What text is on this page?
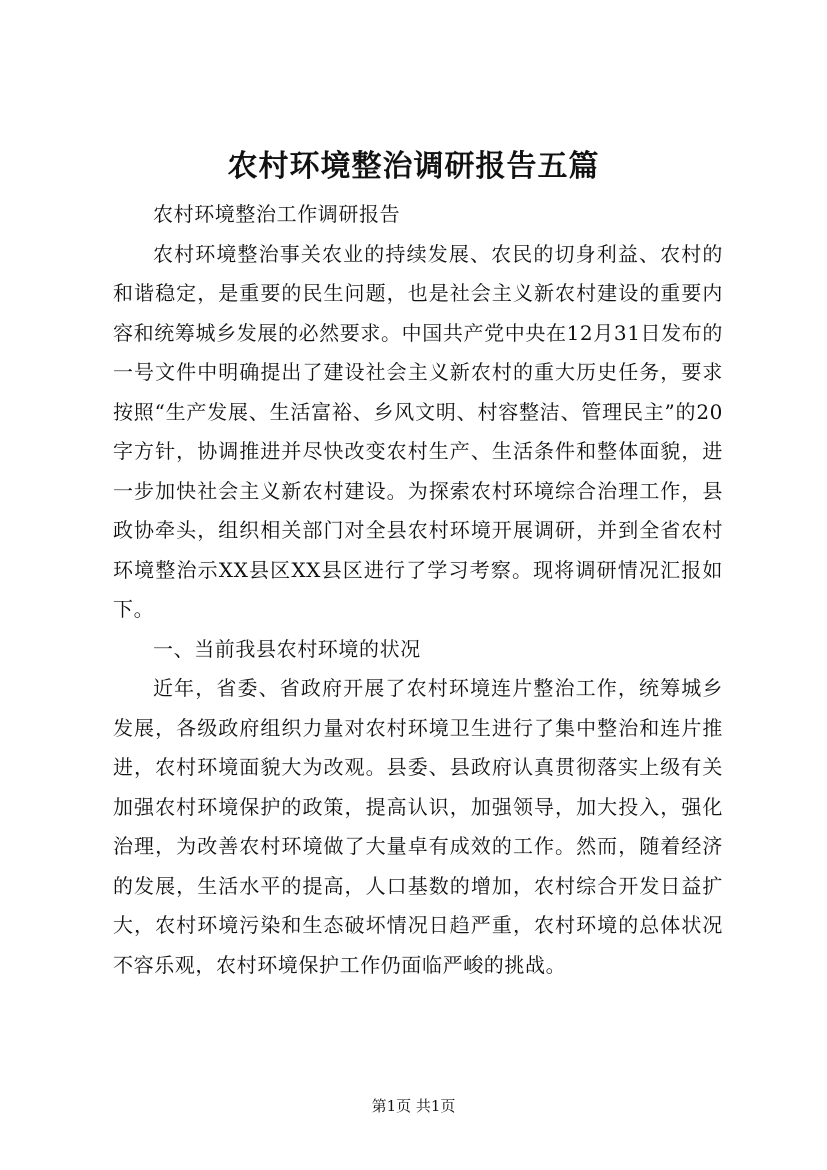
农村环境整治调研报告五篇

农村环境整治工作调研报告

农村环境整治事关农业的持续发展、农民的切身利益、农村的和谐稳定，是重要的民生问题，也是社会主义新农村建设的重要内容和统筹城乡发展的必然要求。中国共产党中央在12月31日发布的一号文件中明确提出了建设社会主义新农村的重大历史任务，要求按照“生产发展、生活富裕、乡风文明、村容整洁、管理民主”的20字方针，协调推进并尽快改变农村生产、生活条件和整体面貌，进一步加快社会主义新农村建设。为探索农村环境综合治理工作，县政协牵头，组织相关部门对全县农村环境开展调研，并到全省农村环境整治示XX县区XX县区进行了学习考察。现将调研情况汇报如下。

一、当前我县农村环境的状况

近年，省委、省政府开展了农村环境连片整治工作，统筹城乡发展，各级政府组织力量对农村环境卫生进行了集中整治和连片推进，农村环境面貌大为改观。县委、县政府认真贯彻落实上级有关加强农村环境保护的政策，提高认识，加强领导，加大投入，强化治理，为改善农村环境做了大量卓有成效的工作。然而，随着经济的发展，生活水平的提高，人口基数的增加，农村综合开发日益扩大，农村环境污染和生态破坏情况日趋严重，农村环境的总体状况不容乐观，农村环境保护工作仍面临严峻的挑战。

第1页 共1页
